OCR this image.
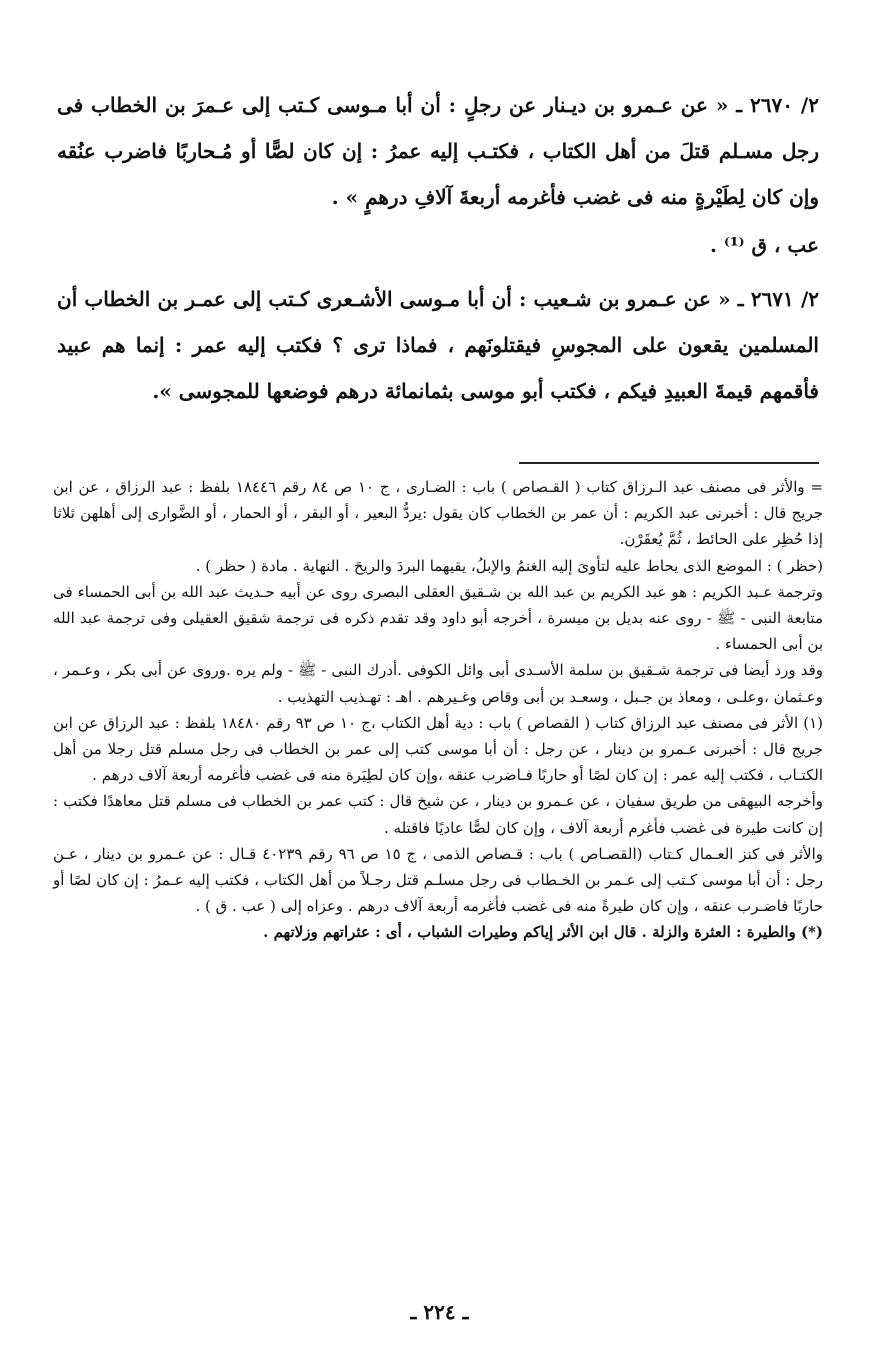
٢/ ٢٦٧٠ ـ « عن عـمرو بن ديـنار عن رجلٍ : أن أبا مـوسى كـتب إلى عـمرَ بن الخطاب فى رجل مسـلم قتلَ من أهل الكتاب ، فكتـب إليه عمرُ : إن كان لصًّا أو مُـحاربًا فاضرب عنُقه وإن كان لِطَيْرةٍ منه فى غضب فأغرمه أربعةَ آلافِ درهمٍ » .

عب ، ق ⁽¹⁾ .

٢/ ٢٦٧١ ـ « عن عـمرو بن شـعيب : أن أبا مـوسى الأشـعرى كـتب إلى عمـر بن الخطاب أن المسلمين يقعون على المجوسِ فيقتلونَهم ، فماذا ترى ؟ فكتب إليه عمر : إنما هم عبيد فأقمهم قيمةَ العبيدِ فيكم ، فكتب أبو موسى بثمانمائة درهم فوضعها للمجوسى ».

= والأثر فى مصنف عبد الـرزاق كتاب ( القـصاص ) باب : الضـارى ، ج ١٠ ص ٨٤ رقم ١٨٤٤٦ بلفظ : عبد الرزاق ، عن ابن جريج قال : أخبرنى عبد الكريم : أن عمر بن الخطاب كان يقول :يردُّ البعير ، أو البقر ، أو الحمار ، أو الضَّوارى إلى أهلهن ثلاثا إذا حُظِر على الحائط ، ثُمَّ يُعقَرْن.

(حظر ) : الموضع الذى يحاط عليه لتأوىَ إليه الغنمُ والإبلُ، يقيهما البردَ والريحَ . النهاية . مادة ( حظر ) .

وترجمة عـبد الكريم : هو عبد الكريم بن عبد الله بن شـقيق العقلى البصرى روى عن أبيه حـديث عبد الله بن أبى الحمساء فى متابعة النبى - ﷺ - روى عنه بديل بن ميسرة ، أخرجه أبو داود وقد تقدم ذكره فى ترجمة شقيق العقيلى وفى ترجمة عبد الله بن أبى الحمساء .

وقد ورد أيضا فى ترجمة شـقيق بن سلمة الأسـدى أبى وائل الكوفى .أدرك النبى - ﷺ - ولم يره .وروى عن أبى بكر ، وعـمر ، وعـثمان ،وعلـى ، ومعاذ بن جـبل ، وسعـد بن أبى وقاص وغـيرهم . اهـ : تهـذيب التهذيب .

(١) الأثر فى مصنف عبد الرزاق كتاب ( القصاص ) باب : دية أهل الكتاب ،ج ١٠ ص ٩٣ رقم ١٨٤٨٠ بلفظ : عبد الرزاق عن ابن جريج قال : أخبرنى عـمرو بن دينار ، عن رجل : أن أبا موسى كتب إلى عمر بن الخطاب فى رجل مسلم قتل رجلا من أهل الكتـاب ، فكتب إليه عمر : إن كان لصًا أو حاربًا فـاضرب عنقه ،وإن كان لطِيَرة منه فى غضب فأغرمه أربعة آلاف درهم .

وأخرجه البيهقى من طريق سفيان ، عن عـمرو بن دينار ، عن شيخ قال : كتب عمر بن الخطاب فى مسلم قتل معاهدًا فكتب : إن كانت طيرة فى غضب فأغرم أربعة آلاف ، وإن كان لصًّا عاديًا فاقتله .

والأثر فى كنز العـمال كـتاب (القصـاص ) باب : قـصاص الذمى ، ج ١٥ ص ٩٦ رقم ٤٠٢٣٩ قـال : عن عـمرو بن دينار ، عـن رجل : أن أبا موسى كـتب إلى عـمر بن الخـطاب فى رجل مسلـم قتل رجـلاً من أهل الكتاب ، فكتب إليه عـمرُ : إن كان لصًا أو حاربًا فاضـرب عنقه ، وإن كان طيرةً منه فى غضب فأغرمه أربعة آلاف درهم . وعزاه إلى ( عب . ق ) .

(*) والطيرة : العثرة والزلة . قال ابن الأثر إياكم وطيرات الشباب ، أى : عثراتهم وزلاتهم .

ـ ٢٢٤ ـ
